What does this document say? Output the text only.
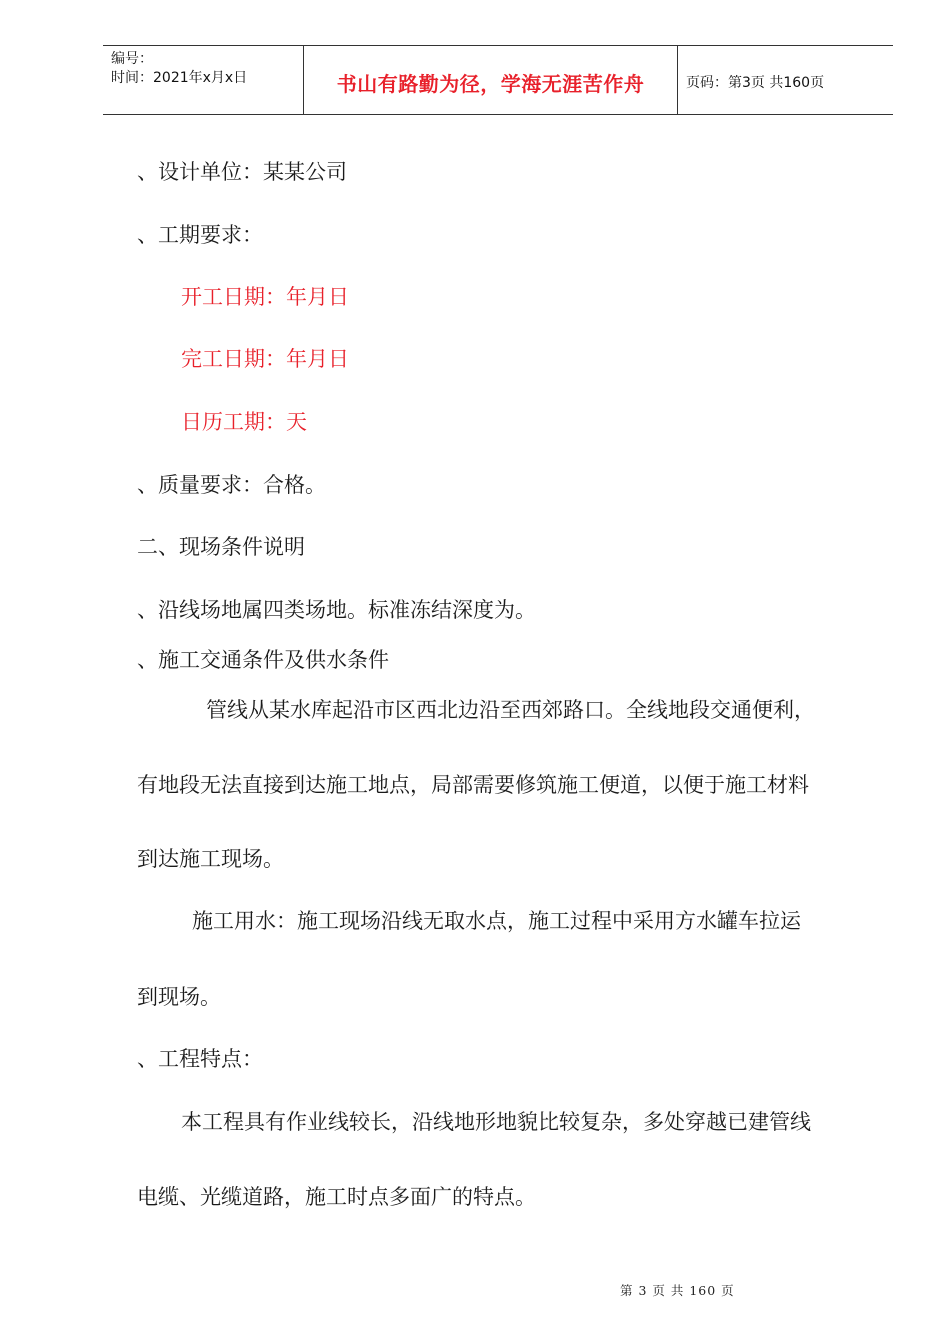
编号：
时间：2021年x月x日	书山有路勤为径，学海无涯苦作舟	页码：第3页 共160页
、设计单位：某某公司
、工期要求：
开工日期：年月日
完工日期：年月日
日历工期：天
、质量要求：合格。
二、现场条件说明
、沿线场地属四类场地。标准冻结深度为。
、施工交通条件及供水条件
管线从某水库起沿市区西北边沿至西郊路口。全线地段交通便利，
有地段无法直接到达施工地点，局部需要修筑施工便道，以便于施工材料
到达施工现场。
施工用水：施工现场沿线无取水点，施工过程中采用方水罐车拉运
到现场。
、工程特点：
本工程具有作业线较长，沿线地形地貌比较复杂，多处穿越已建管线
电缆、光缆道路，施工时点多面广的特点。
第 3 页 共 160 页
